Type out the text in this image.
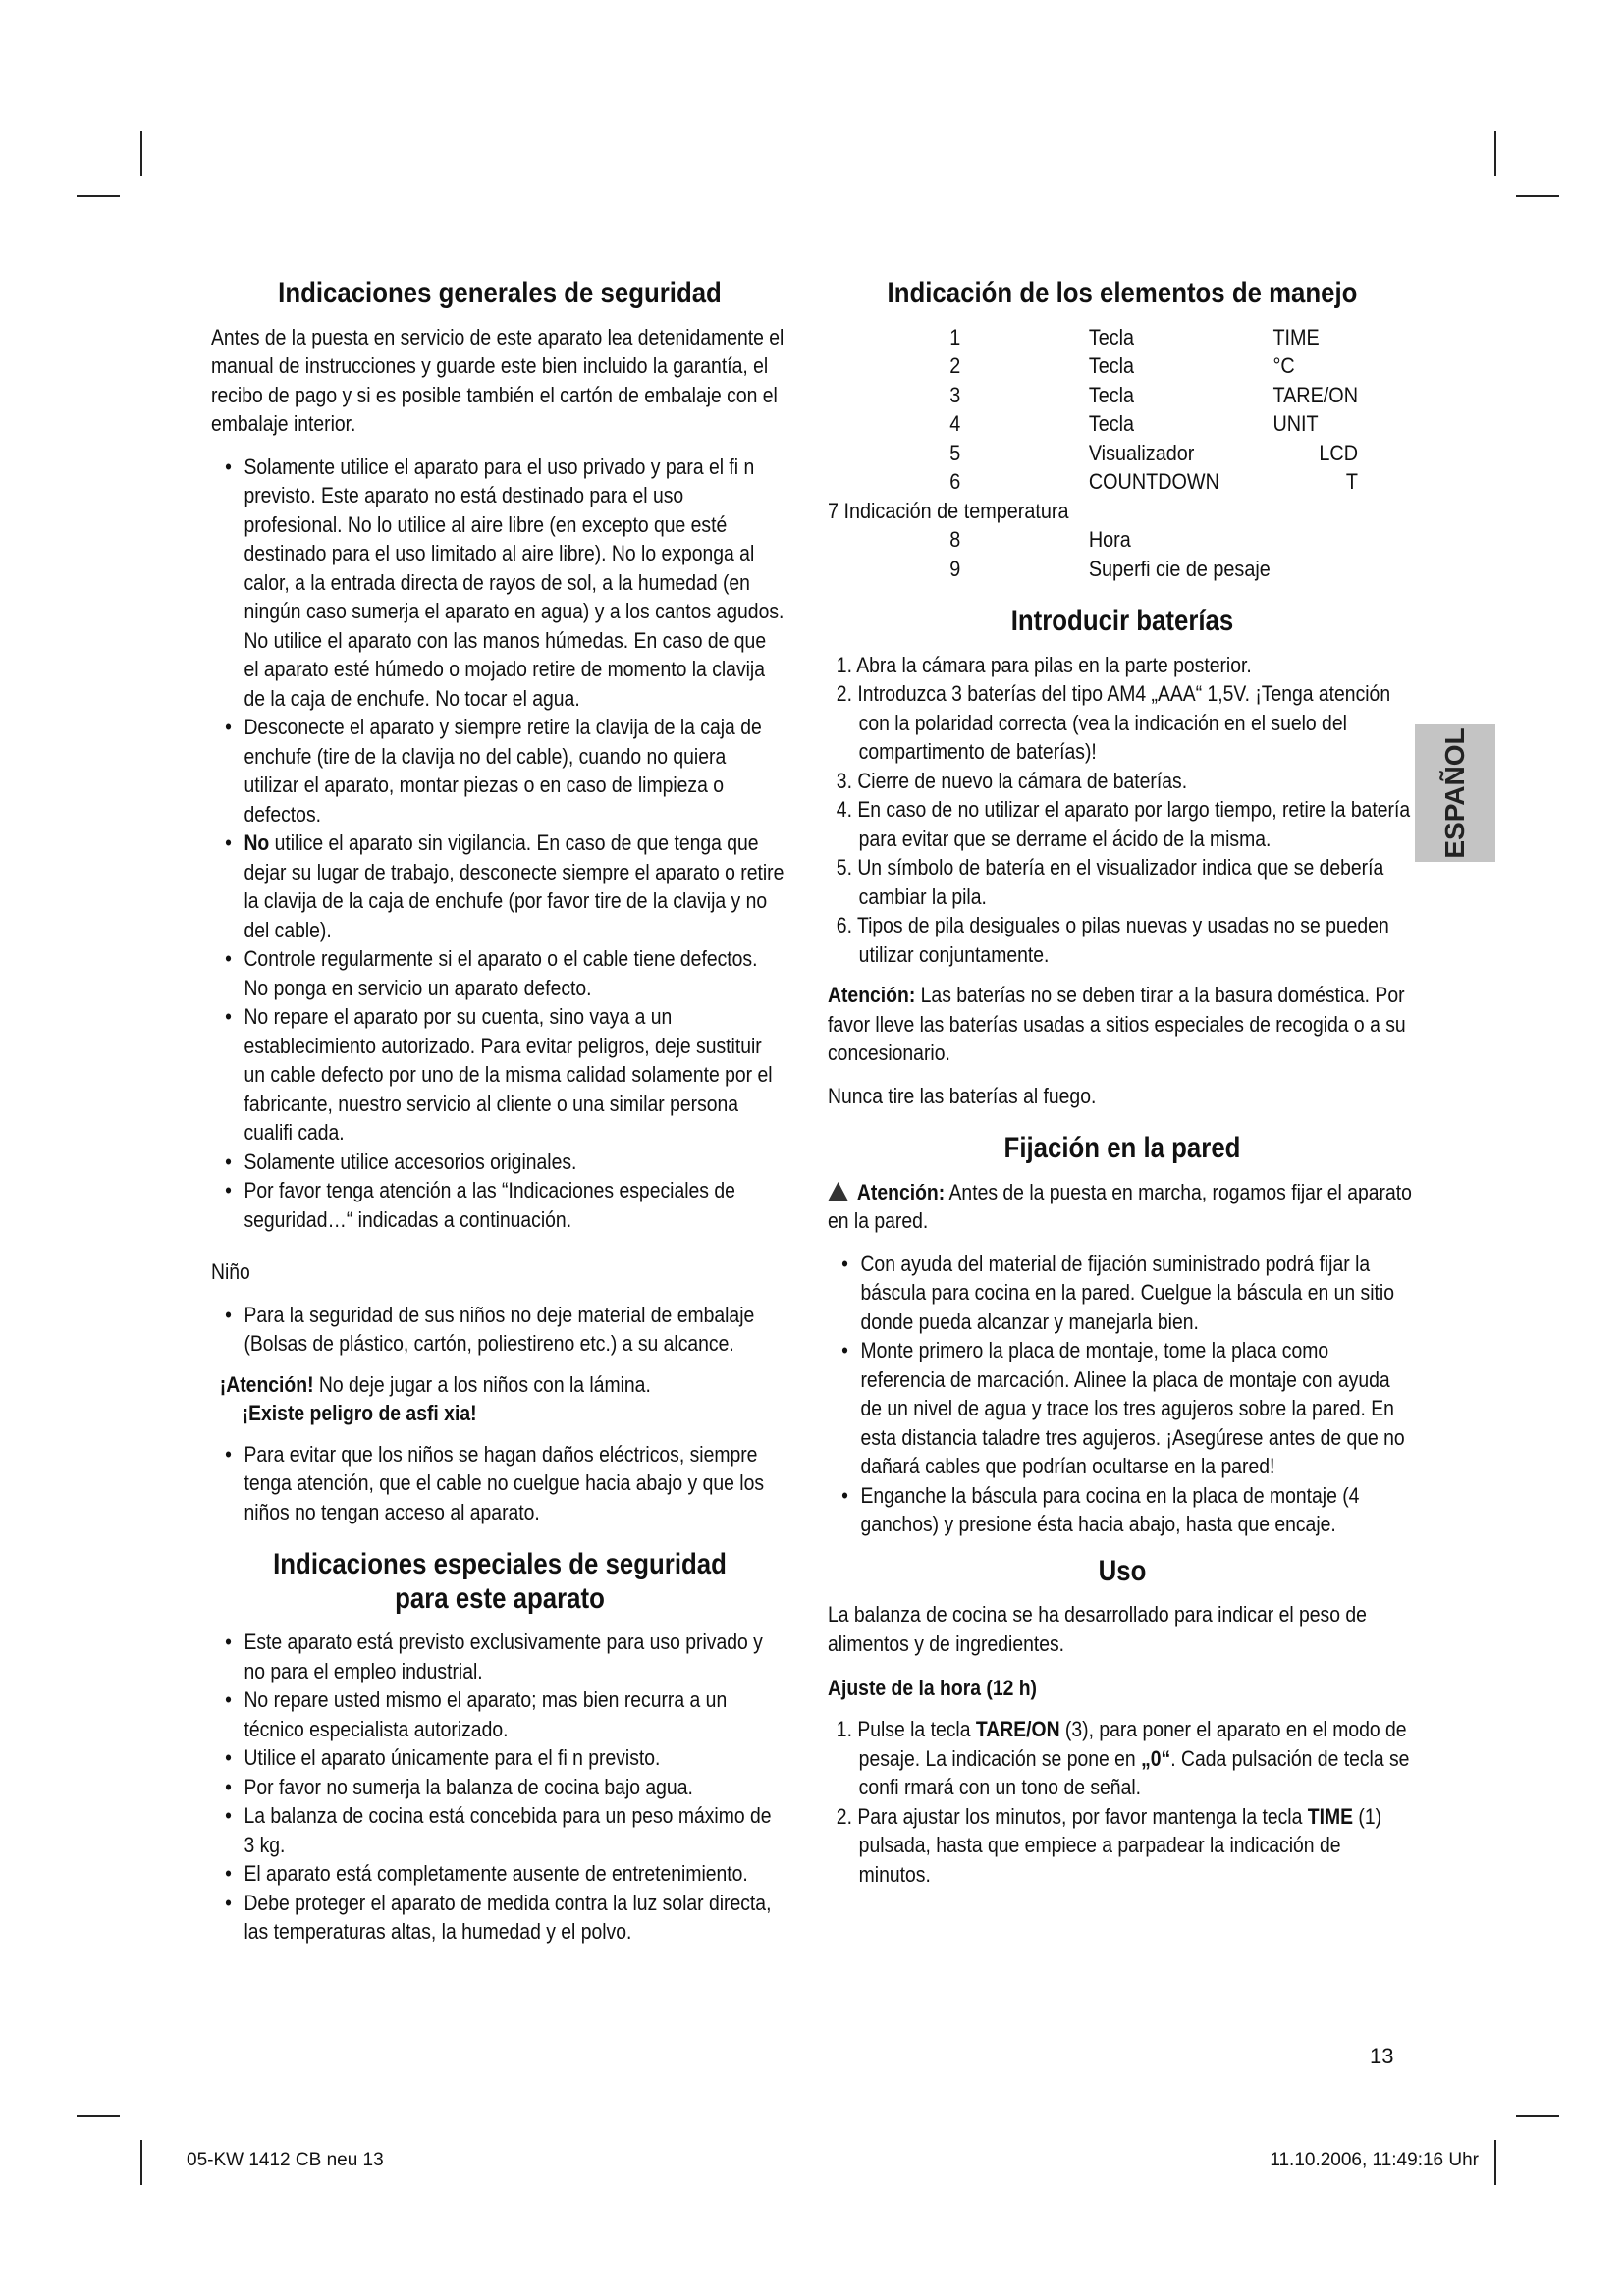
Indicaciones generales de seguridad

Antes de la puesta en servicio de este aparato lea detenidamente el manual de instrucciones y guarde este bien incluido la garantía, el recibo de pago y si es posible también el cartón de embalaje con el embalaje interior.

• Solamente utilice el aparato para el uso privado y para el fi n previsto. Este aparato no está destinado para el uso profesional. No lo utilice al aire libre (en excepto que esté destinado para el uso limitado al aire libre). No lo exponga al calor, a la entrada directa de rayos de sol, a la humedad (en ningún caso sumerja el aparato en agua) y a los cantos agudos. No utilice el aparato con las manos húmedas. En caso de que el aparato esté húmedo o mojado retire de momento la clavija de la caja de enchufe. No tocar el agua.
• Desconecte el aparato y siempre retire la clavija de la caja de enchufe (tire de la clavija no del cable), cuando no quiera utilizar el aparato, montar piezas o en caso de limpieza o defectos.
• No utilice el aparato sin vigilancia. En caso de que tenga que dejar su lugar de trabajo, desconecte siempre el aparato o retire la clavija de la caja de enchufe (por favor tire de la clavija y no del cable).
• Controle regularmente si el aparato o el cable tiene defectos. No ponga en servicio un aparato defecto.
• No repare el aparato por su cuenta, sino vaya a un establecimiento autorizado. Para evitar peligros, deje sustituir un cable defecto por uno de la misma calidad solamente por el fabricante, nuestro servicio al cliente o una similar persona cualifi cada.
• Solamente utilice accesorios originales.
• Por favor tenga atención a las “Indicaciones especiales de seguridad…“ indicadas a continuación.
Niño
• Para la seguridad de sus niños no deje material de embalaje (Bolsas de plástico, cartón, poliestireno etc.) a su alcance.
¡Atención! No deje jugar a los niños con la lámina.
¡Existe peligro de asfi xia!
• Para evitar que los niños se hagan daños eléctricos, siempre tenga atención, que el cable no cuelgue hacia abajo y que los niños no tengan acceso al aparato.
Indicaciones especiales de seguridad para este aparato
• Este aparato está previsto exclusivamente para uso privado y no para el empleo industrial.
• No repare usted mismo el aparato; mas bien recurra a un técnico especialista autorizado.
• Utilice el aparato únicamente para el fi n previsto.
• Por favor no sumerja la balanza de cocina bajo agua.
• La balanza de cocina está concebida para un peso máximo de 3 kg.
• El aparato está completamente ausente de entretenimiento.
• Debe proteger el aparato de medida contra la luz solar directa, las temperaturas altas, la humedad y el polvo.
Indicación de los elementos de manejo
1	Tecla	TIME
2	Tecla	°C
3	Tecla	TARE/ON
4	Tecla	UNIT
5	Visualizador	LCD
6	COUNTDOWN	T
7 Indicación de temperatura		
8	Hora	
9	Superfi cie de pesaje	
Introducir baterías
1. Abra la cámara para pilas en la parte posterior.
2. Introduzca 3 baterías del tipo AM4 „AAA“ 1,5V. ¡Tenga atención con la polaridad correcta (vea la indicación en el suelo del compartimento de baterías)!
3. Cierre de nuevo la cámara de baterías.
4. En caso de no utilizar el aparato por largo tiempo, retire la batería para evitar que se derrame el ácido de la misma.
5. Un símbolo de batería en el visualizador indica que se debería cambiar la pila.
6. Tipos de pila desiguales o pilas nuevas y usadas no se pueden utilizar conjuntamente.

Atención: Las baterías no se deben tirar a la basura doméstica. Por favor lleve las baterías usadas a sitios especiales de recogida o a su concesionario.

Nunca tire las baterías al fuego.

Fijación en la pared

Atención: Antes de la puesta en marcha, rogamos fijar el aparato en la pared.

• Con ayuda del material de fijación suministrado podrá fijar la báscula para cocina en la pared. Cuelgue la báscula en un sitio donde pueda alcanzar y manejarla bien.
• Monte primero la placa de montaje, tome la placa como referencia de marcación. Alinee la placa de montaje con ayuda de un nivel de agua y trace los tres agujeros sobre la pared. En esta distancia taladre tres agujeros. ¡Asegúrese antes de que no dañará cables que podrían ocultarse en la pared!
• Enganche la báscula para cocina en la placa de montaje (4 ganchos) y presione ésta hacia abajo, hasta que encaje.
Uso

La balanza de cocina se ha desarrollado para indicar el peso de alimentos y de ingredientes.

Ajuste de la hora (12 h)
1. Pulse la tecla TARE/ON (3), para poner el aparato en el modo de pesaje. La indicación se pone en „0“. Cada pulsación de tecla se confi rmará con un tono de señal.
2. Para ajustar los minutos, por favor mantenga la tecla TIME (1) pulsada, hasta que empiece a parpadear la indicación de minutos.
ESPAÑOL
13
05-KW 1412 CB neu 13	11.10.2006, 11:49:16 Uhr
